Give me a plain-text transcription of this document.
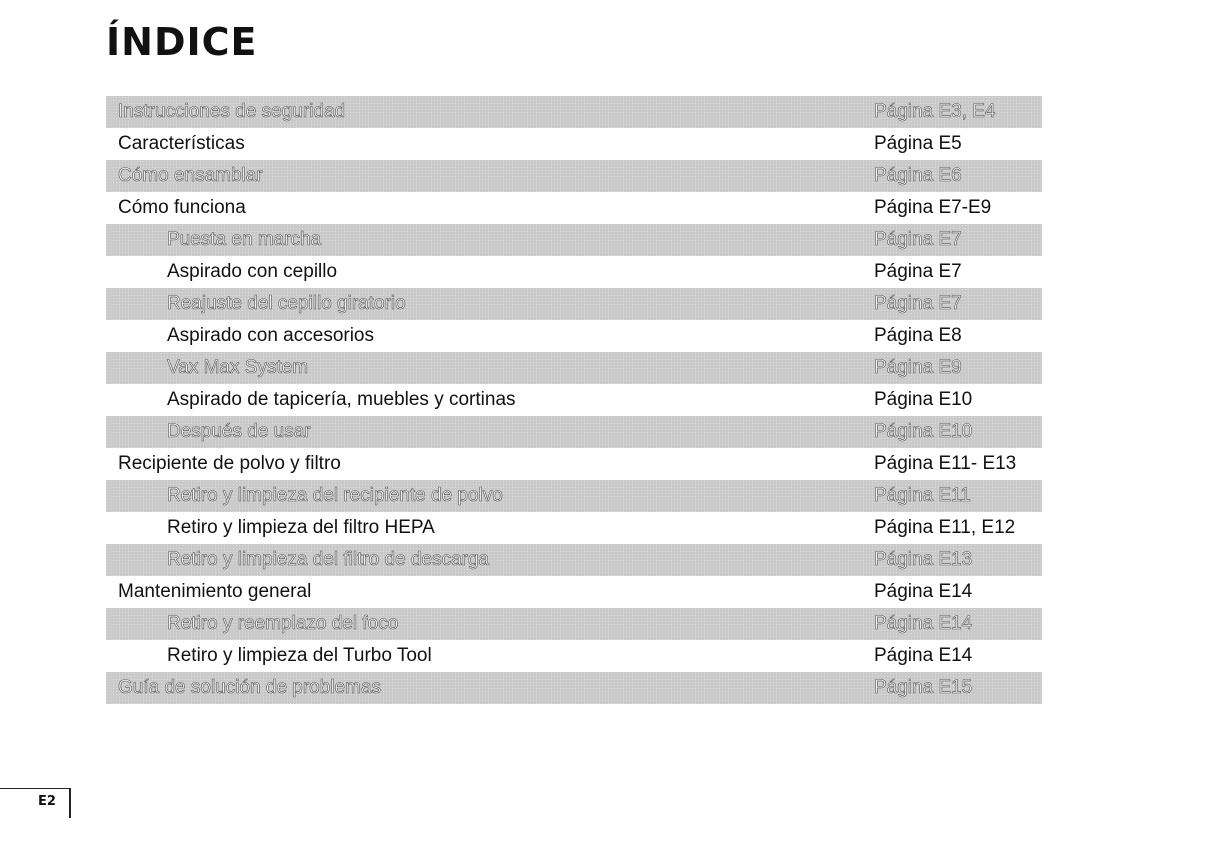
ÍNDICE
Instrucciones de seguridad	Página E3, E4
Características	Página E5
Cómo ensamblar	Página E6
Cómo funciona	Página E7-E9
Puesta en marcha	Página E7
Aspirado con cepillo	Página E7
Reajuste del cepillo giratorio	Página E7
Aspirado con accesorios	Página E8
Vax Max System	Página E9
Aspirado de tapicería, muebles y cortinas	Página E10
Después de usar	Página E10
Recipiente de polvo y filtro	Página E11- E13
Retiro y limpieza del recipiente de polvo	Página E11
Retiro y limpieza del filtro HEPA	Página E11, E12
Retiro y limpieza del filtro de descarga	Página E13
Mantenimiento general	Página E14
Retiro y reemplazo del foco	Página E14
Retiro y limpieza del Turbo Tool	Página E14
Guía de solución de problemas	Página E15
E2
